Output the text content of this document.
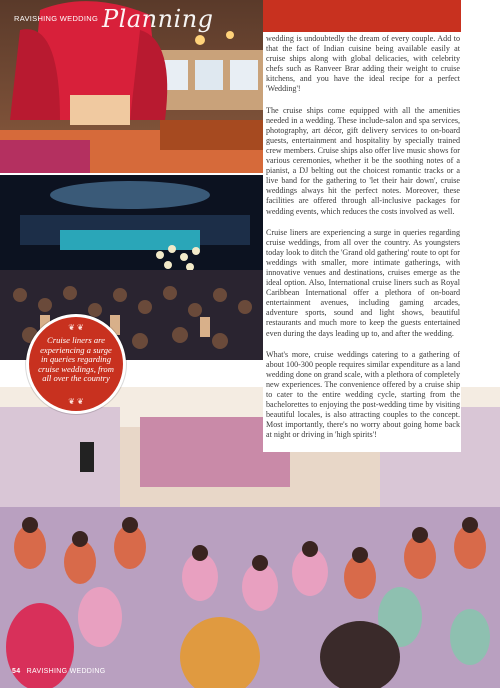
RAVISHING WEDDING Planning

wedding is undoubtedly the dream of every couple. Add to that the fact of Indian cuisine being available easily at cruise ships along with global delicacies, with celebrity chefs such as Ranveer Brar adding their weight to cruise kitchens, and you have the ideal recipe for a perfect 'Wedding'!

The cruise ships come equipped with all the amenities needed in a wedding. These include-salon and spa services, photography, art décor, gift delivery services to on-board guests, entertainment and hospitality by specially trained crew members. Cruise ships also offer live music shows for various ceremonies, whether it be the soothing notes of a pianist, a DJ belting out the choicest romantic tracks or a live band for the gathering to 'let their hair down', cruise weddings always hit the perfect notes. Moreover, these facilities are offered through all-inclusive packages for wedding events, which reduces the costs involved as well.

Cruise liners are experiencing a surge in queries regarding cruise weddings, from all over the country. As youngsters today look to ditch the 'Grand old gathering' route to opt for weddings with smaller, more intimate gatherings, with innovative venues and destinations, cruises emerge as the ideal option. Also, International cruise liners such as Royal Caribbean International offer a plethora of on-board entertainment avenues, including gaming arcades, adventure sports, sound and light shows, beautiful restaurants and much more to keep the guests entertained even during the days leading up to, and after the wedding.

What's more, cruise weddings catering to a gathering of about 100-300 people requires similar expenditure as a land wedding done on grand scale, with a plethora of completely new experiences. The convenience offered by a cruise ship to cater to the entire wedding cycle, starting from the bachelorettes to enjoying the post-wedding time by visiting beautiful locales, is also attracting couples to the concept. Most importantly, there's no worry about going home back at night or driving in 'high spirits'!

❦ ❦
Cruise liners are experiencing a surge in queries regarding cruise weddings, from all over the country
❦ ❦
54 RAVISHING WEDDING
